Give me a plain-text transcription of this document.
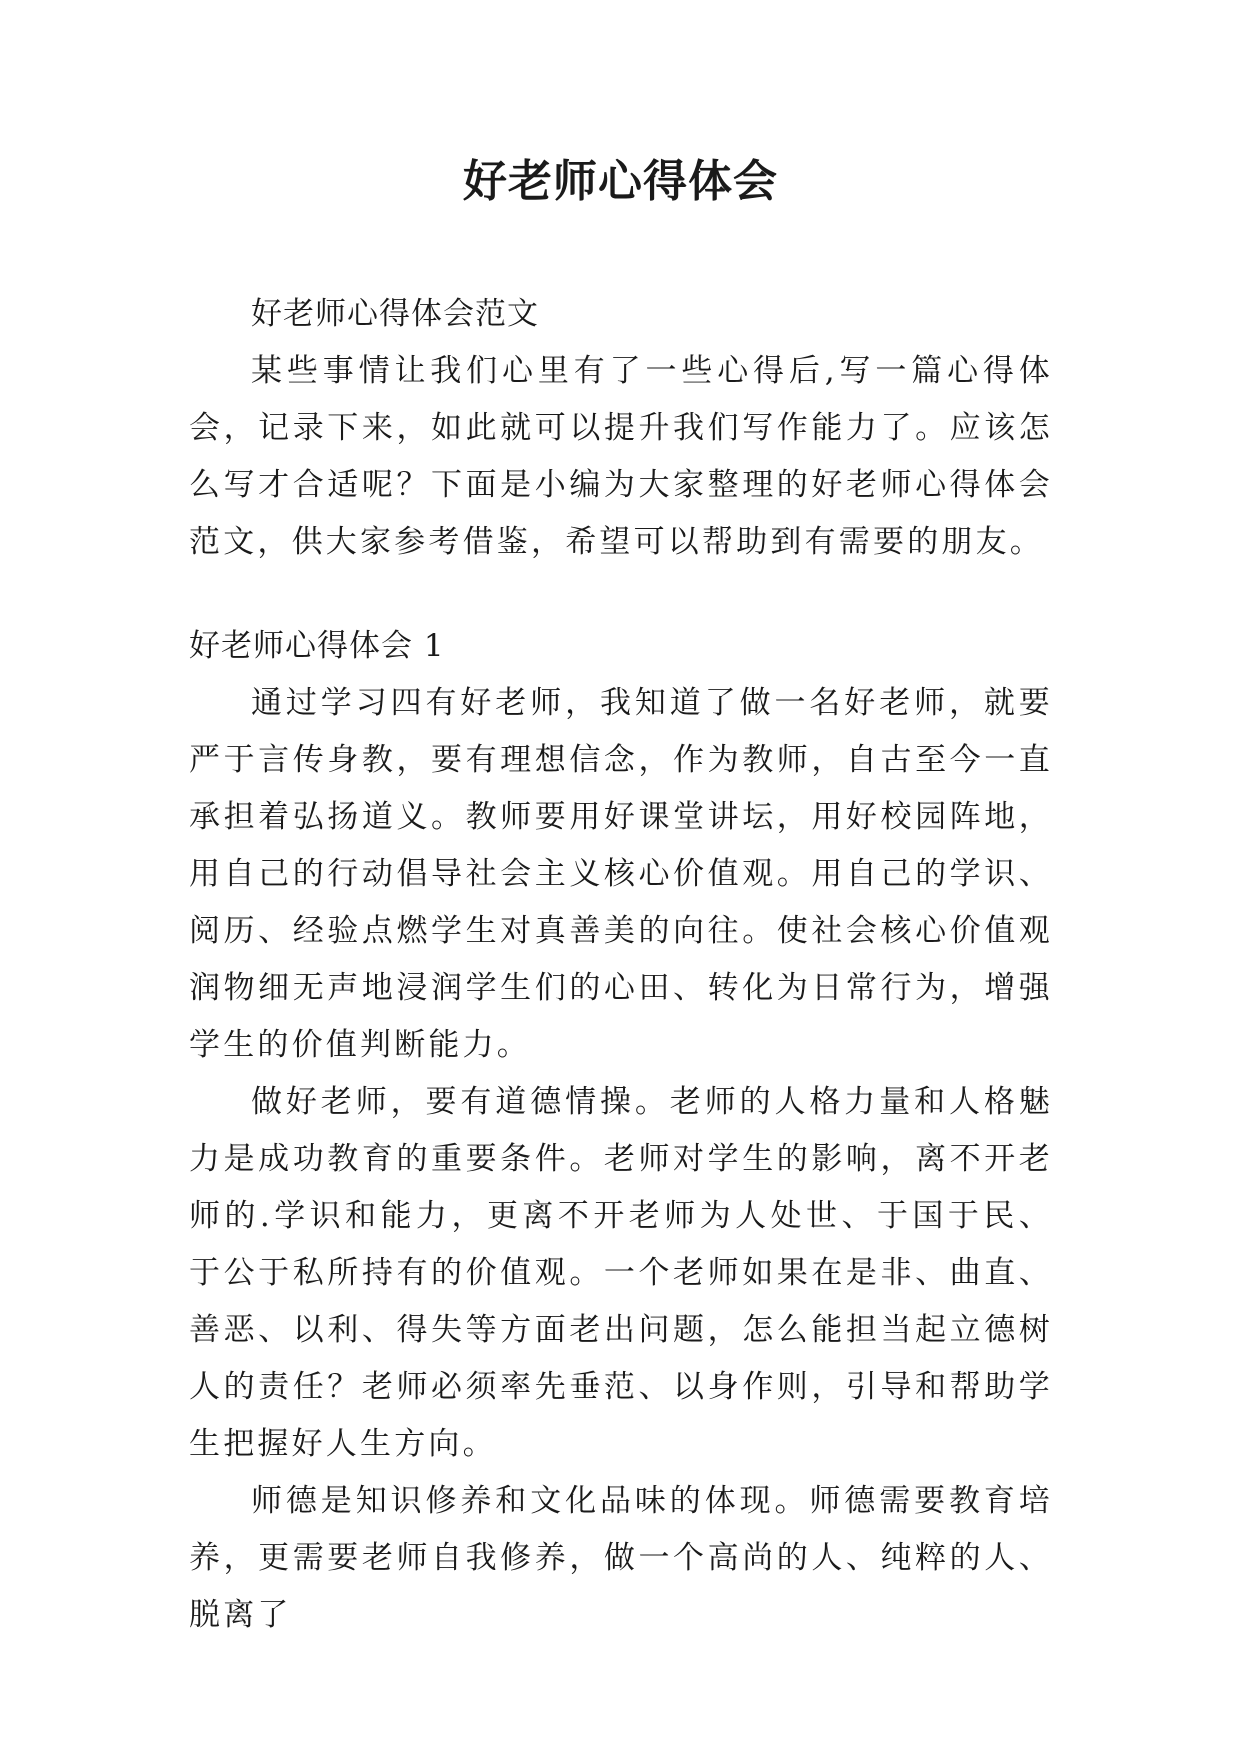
好老师心得体会

好老师心得体会范文

某些事情让我们心里有了一些心得后,写一篇心得体会，记录下来，如此就可以提升我们写作能力了。应该怎么写才合适呢？下面是小编为大家整理的好老师心得体会范文，供大家参考借鉴，希望可以帮助到有需要的朋友。

好老师心得体会 1

通过学习四有好老师，我知道了做一名好老师，就要严于言传身教，要有理想信念，作为教师，自古至今一直承担着弘扬道义。教师要用好课堂讲坛，用好校园阵地，用自己的行动倡导社会主义核心价值观。用自己的学识、阅历、经验点燃学生对真善美的向往。使社会核心价值观润物细无声地浸润学生们的心田、转化为日常行为，增强学生的价值判断能力。

做好老师，要有道德情操。老师的人格力量和人格魅力是成功教育的重要条件。老师对学生的影响，离不开老师的.学识和能力，更离不开老师为人处世、于国于民、于公于私所持有的价值观。一个老师如果在是非、曲直、善恶、以利、得失等方面老出问题，怎么能担当起立德树人的责任？老师必须率先垂范、以身作则，引导和帮助学生把握好人生方向。

师德是知识修养和文化品味的体现。师德需要教育培养，更需要老师自我修养，做一个高尚的人、纯粹的人、脱离了
